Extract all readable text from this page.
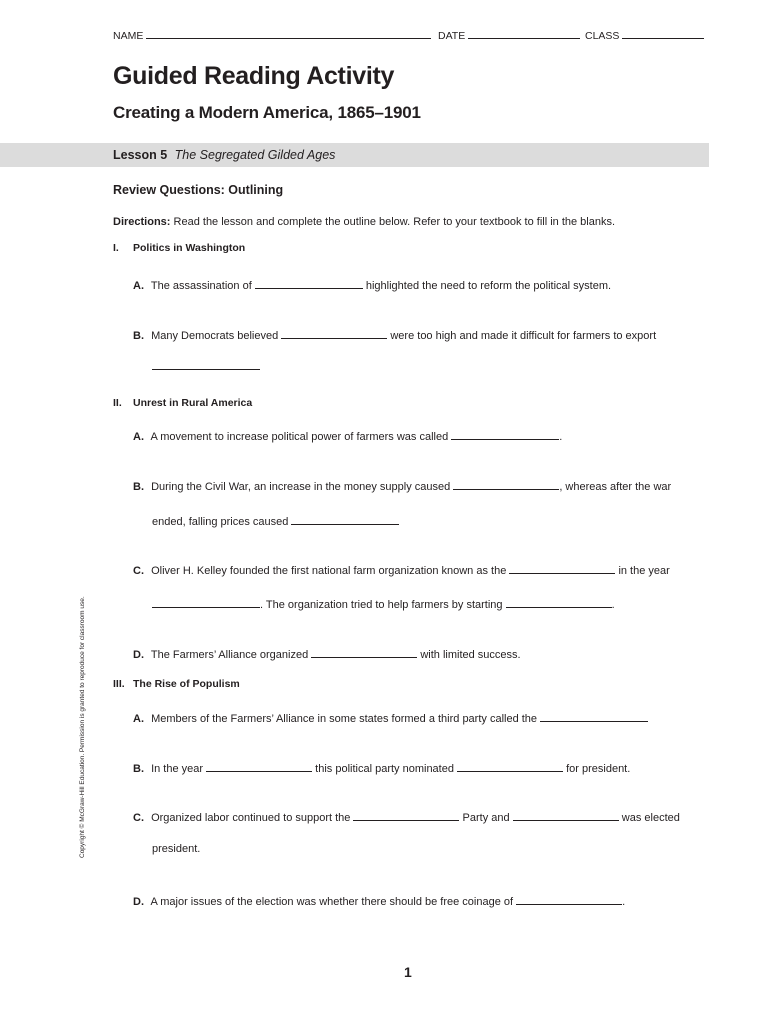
NAME	DATE	CLASS
Guided Reading Activity
Creating a Modern America, 1865–1901
Lesson 5 The Segregated Gilded Ages
Review Questions: Outlining
Directions: Read the lesson and complete the outline below. Refer to your textbook to fill in the blanks.
I. Politics in Washington
A. The assassination of	highlighted the need to reform the political system.
B. Many Democrats believed	were too high and made it difficult for farmers to export
II. Unrest in Rural America
A. A movement to increase political power of farmers was called	.
B. During the Civil War, an increase in the money supply caused	, whereas after the war
ended, falling prices caused
C. Oliver H. Kelley founded the first national farm organization known as the	in the year
. The organization tried to help farmers by starting	.
D. The Farmers’ Alliance organized	with limited success.
III. The Rise of Populism
A. Members of the Farmers’ Alliance in some states formed a third party called the
B. In the year	this political party nominated	for president.
C. Organized labor continued to support the	Party and	was elected
president.
D. A major issues of the election was whether there should be free coinage of	.
Copyright © McGraw-Hill Education. Permission is granted to reproduce for classroom use.
1
